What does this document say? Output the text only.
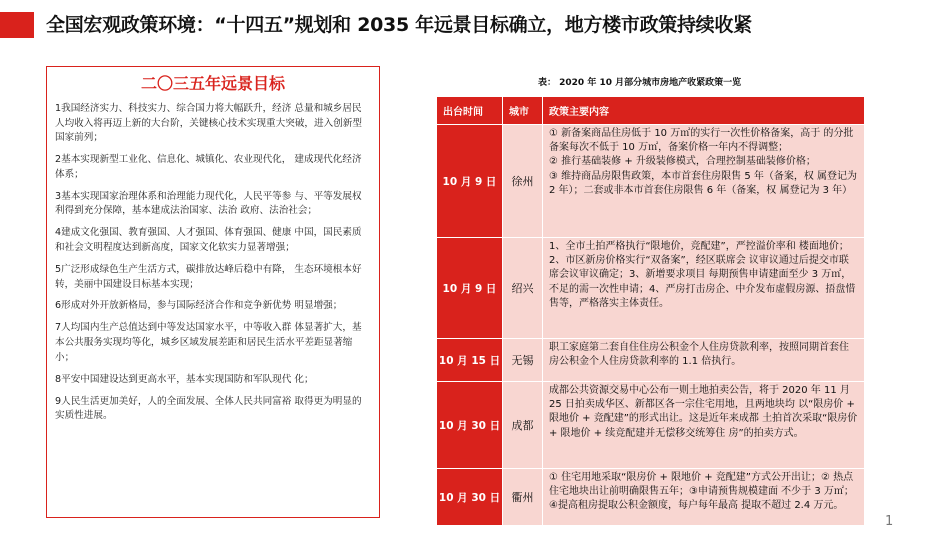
全国宏观政策环境：“十四五”规划和 2035 年远景目标确立，地方楼市政策持续收紧
二〇三五年远景目标
1我国经济实力、科技实力、综合国力将大幅跃升，经济 总量和城乡居民人均收入将再迈上新的大台阶，关键核心技术实现重大突破，进入创新型国家前列；
2基本实现新型工业化、信息化、城镇化、农业现代化， 建成现代化经济体系；
3基本实现国家治理体系和治理能力现代化，人民平等参 与、平等发展权利得到充分保障，基本建成法治国家、法治 政府、法治社会；
4建成文化强国、教育强国、人才强国、体育强国、健康 中国，国民素质和社会文明程度达到新高度，国家文化软实力显著增强；
5广泛形成绿色生产生活方式，碳排放达峰后稳中有降， 生态环境根本好转，美丽中国建设目标基本实现；
6形成对外开放新格局，参与国际经济合作和竞争新优势 明显增强；
7人均国内生产总值达到中等发达国家水平，中等收入群 体显著扩大，基本公共服务实现均等化，城乡区域发展差距和居民生活水平差距显著缩小；
8平安中国建设达到更高水平，基本实现国防和军队现代 化；
9人民生活更加美好，人的全面发展、全体人民共同富裕 取得更为明显的实质性进展。
表： 2020 年 10 月部分城市房地产收紧政策一览
出台时间	城市	政策主要内容
10 月 9 日	徐州	① 新备案商品住房低于 10 万㎡的实行一次性价格备案，高于 的分批备案每次不低于 10 万㎡，备案价格一年内不得调整；
② 推行基础装修 + 升级装修模式，合理控制基础装修价格；
③ 维持商品房限售政策，本市首套住房限售 5 年（备案，权 属登记为 2 年）；二套或非本市首套住房限售 6 年（备案，权 属登记为 3 年）

10 月 9 日	绍兴	1、全市土拍严格执行“限地价，竞配建”，严控溢价率和 楼面地价；2、市区新房价格实行“双备案”，经区联席会 议审议通过后提交市联席会议审议确定；3、新增要求项目 每期预售申请建面至少 3 万㎡，不足的需一次性申请；4、严房打击房企、中介发布虚假房源、捂盘惜售等，严格落实主体责任。

10 月 15 日	无锡	职工家庭第二套自住住房公积金个人住房贷款利率，按照同期首套住房公积金个人住房贷款利率的 1.1 倍执行。

10 月 30 日	成都	成都公共资源交易中心公布一则土地拍卖公告，将于 2020 年 11 月 25 日拍卖成华区、新都区各一宗住宅用地，且两地块均 以“限房价 + 限地价 + 竞配建”的形式出让。这是近年来成都 土拍首次采取“限房价 + 限地价 + 续竞配建并无偿移交统筹住 房”的拍卖方式。

10 月 30 日	衢州	① 住宅用地采取“限房价 + 限地价 + 竞配建”方式公开出让；② 热点住宅地块出让前明确限售五年；③申请预售规模建面 不少于 3 万㎡；④提高租房提取公积金额度，每户每年最高 提取不超过 2.4 万元。
1
